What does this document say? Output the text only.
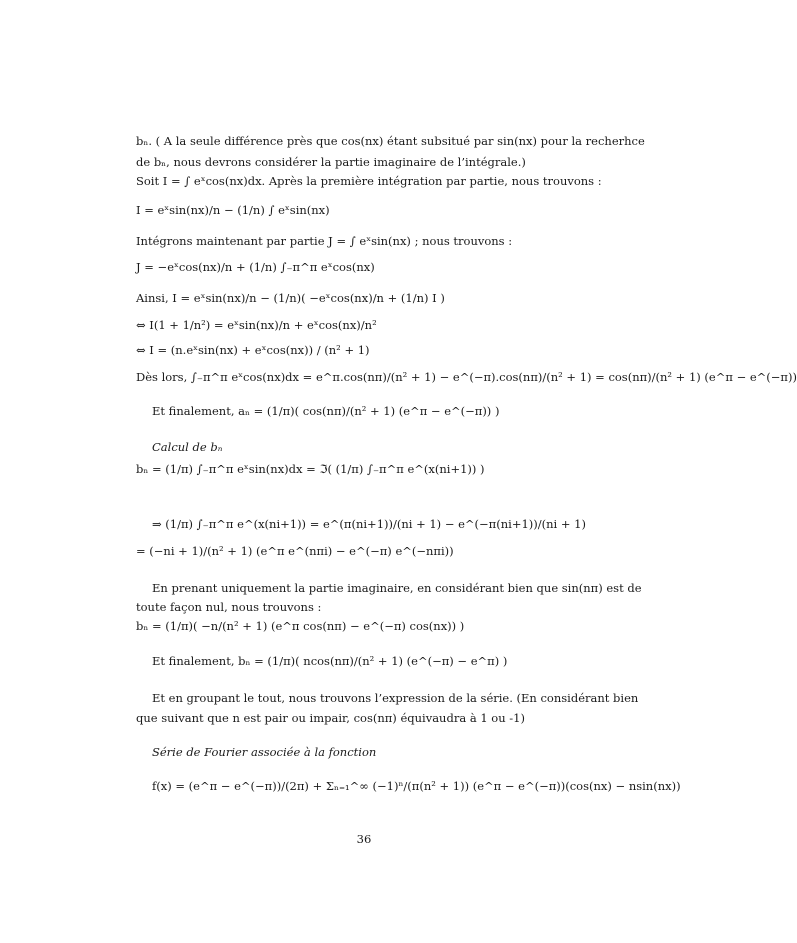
bₙ. ( A la seule différence près que cos(nx) étant subsitué par sin(nx) pour la recherhce
de bₙ, nous devrons considérer la partie imaginaire de l’intégrale.)
Soit I = ∫ eˣcos(nx)dx. Après la première intégration par partie, nous trouvons :
I = eˣsin(nx)/n − (1/n) ∫ eˣsin(nx)
Intégrons maintenant par partie J = ∫ eˣsin(nx) ; nous trouvons :
J = −eˣcos(nx)/n + (1/n) ∫₋π^π eˣcos(nx)
Ainsi, I = eˣsin(nx)/n − (1/n)( −eˣcos(nx)/n + (1/n) I )
⇔ I(1 + 1/n²) = eˣsin(nx)/n + eˣcos(nx)/n²
⇔ I = (n.eˣsin(nx) + eˣcos(nx)) / (n² + 1)
Dès lors, ∫₋π^π eˣcos(nx)dx = e^π.cos(nπ)/(n² + 1) − e^(−π).cos(nπ)/(n² + 1) = cos(nπ)/(n² + 1) (e^π − e^(−π))
Et finalement, aₙ = (1/π)( cos(nπ)/(n² + 1) (e^π − e^(−π)) )
Calcul de bₙ
bₙ = (1/π) ∫₋π^π eˣsin(nx)dx = ℑ( (1/π) ∫₋π^π e^(x(ni+1)) )
⇒ (1/π) ∫₋π^π e^(x(ni+1)) = e^(π(ni+1))/(ni + 1) − e^(−π(ni+1))/(ni + 1)
= (−ni + 1)/(n² + 1) (e^π e^(nπi) − e^(−π) e^(−nπi))
En prenant uniquement la partie imaginaire, en considérant bien que sin(nπ) est de
toute façon nul, nous trouvons :
bₙ = (1/π)( −n/(n² + 1) (e^π cos(nπ) − e^(−π) cos(nx)) )
Et finalement, bₙ = (1/π)( ncos(nπ)/(n² + 1) (e^(−π) − e^π) )
Et en groupant le tout, nous trouvons l’expression de la série. (En considérant bien
que suivant que n est pair ou impair, cos(nπ) équivaudra à 1 ou -1)
Série de Fourier associée à la fonction
f(x) = (e^π − e^(−π))/(2π) + Σₙ₌₁^∞ (−1)ⁿ/(π(n² + 1)) (e^π − e^(−π))(cos(nx) − nsin(nx))
36
